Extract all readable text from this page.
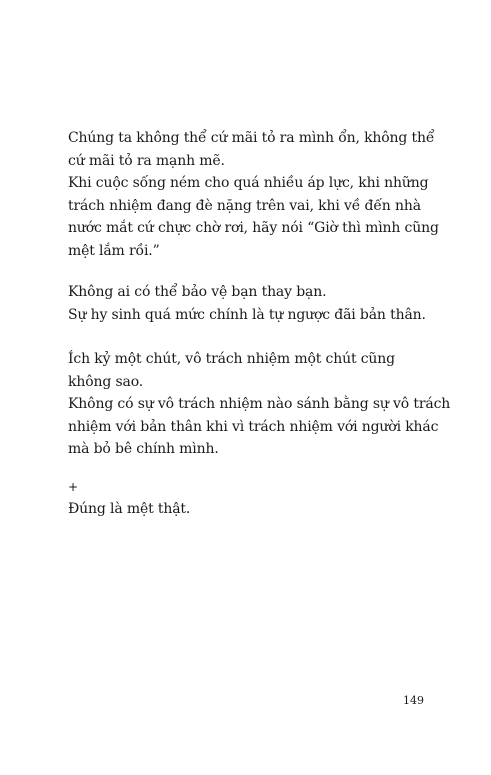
Chúng ta không thể cứ mãi tỏ ra mình ổn, không thể
cứ mãi tỏ ra mạnh mẽ.
Khi cuộc sống ném cho quá nhiều áp lực, khi những
trách nhiệm đang đè nặng trên vai, khi về đến nhà
nước mắt cứ chực chờ rơi, hãy nói “Giờ thì mình cũng
mệt lắm rồi.”
Không ai có thể bảo vệ bạn thay bạn.
Sự hy sinh quá mức chính là tự ngược đãi bản thân.
Ích kỷ một chút, vô trách nhiệm một chút cũng
không sao.
Không có sự vô trách nhiệm nào sánh bằng sự vô trách
nhiệm với bản thân khi vì trách nhiệm với người khác
mà bỏ bê chính mình.
+
Đúng là mệt thật.
149
